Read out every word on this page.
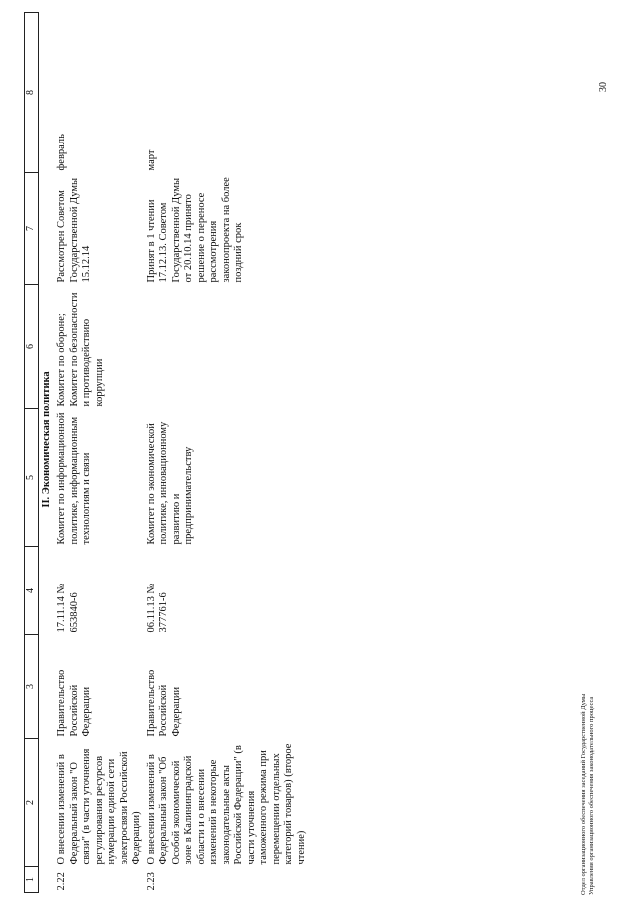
1	2	3	4	5	6	7	8
	II. Экономическая политика						
2.22	О внесении изменений в Федеральный закон "О связи" (в части уточнения регулирования ресурсов нумерации единой сети электросвязи Российской Федерации)	Правительство Российской Федерации	17.11.14 № 653840-6	Комитет по информационной политике, информационным технологиям и связи	Комитет по обороне; Комитет по безопасности и противодействию коррупции	Рассмотрен Советом Государственной Думы 15.12.14	февраль
2.23	О внесении изменений в Федеральный закон "Об Особой экономической зоне в Калининградской области и о внесении изменений в некоторые законодательные акты Российской Федерации" (в части уточнения таможенного режима при перемещении отдельных категорий товаров) (второе чтение)	Правительство Российской Федерации	06.11.13 № 377761-6	Комитет по экономической политике, инновационному развитию и предпринимательству		Принят в 1 чтении 17.12.13. Советом Государственной Думы от 20.10.14 принято решение о переносе рассмотрения законопроекта на более поздний срок	март
Отдел организационного обеспечения заседаний Государственной Думы Управления организационного обеспечения законодательного процесса
30
